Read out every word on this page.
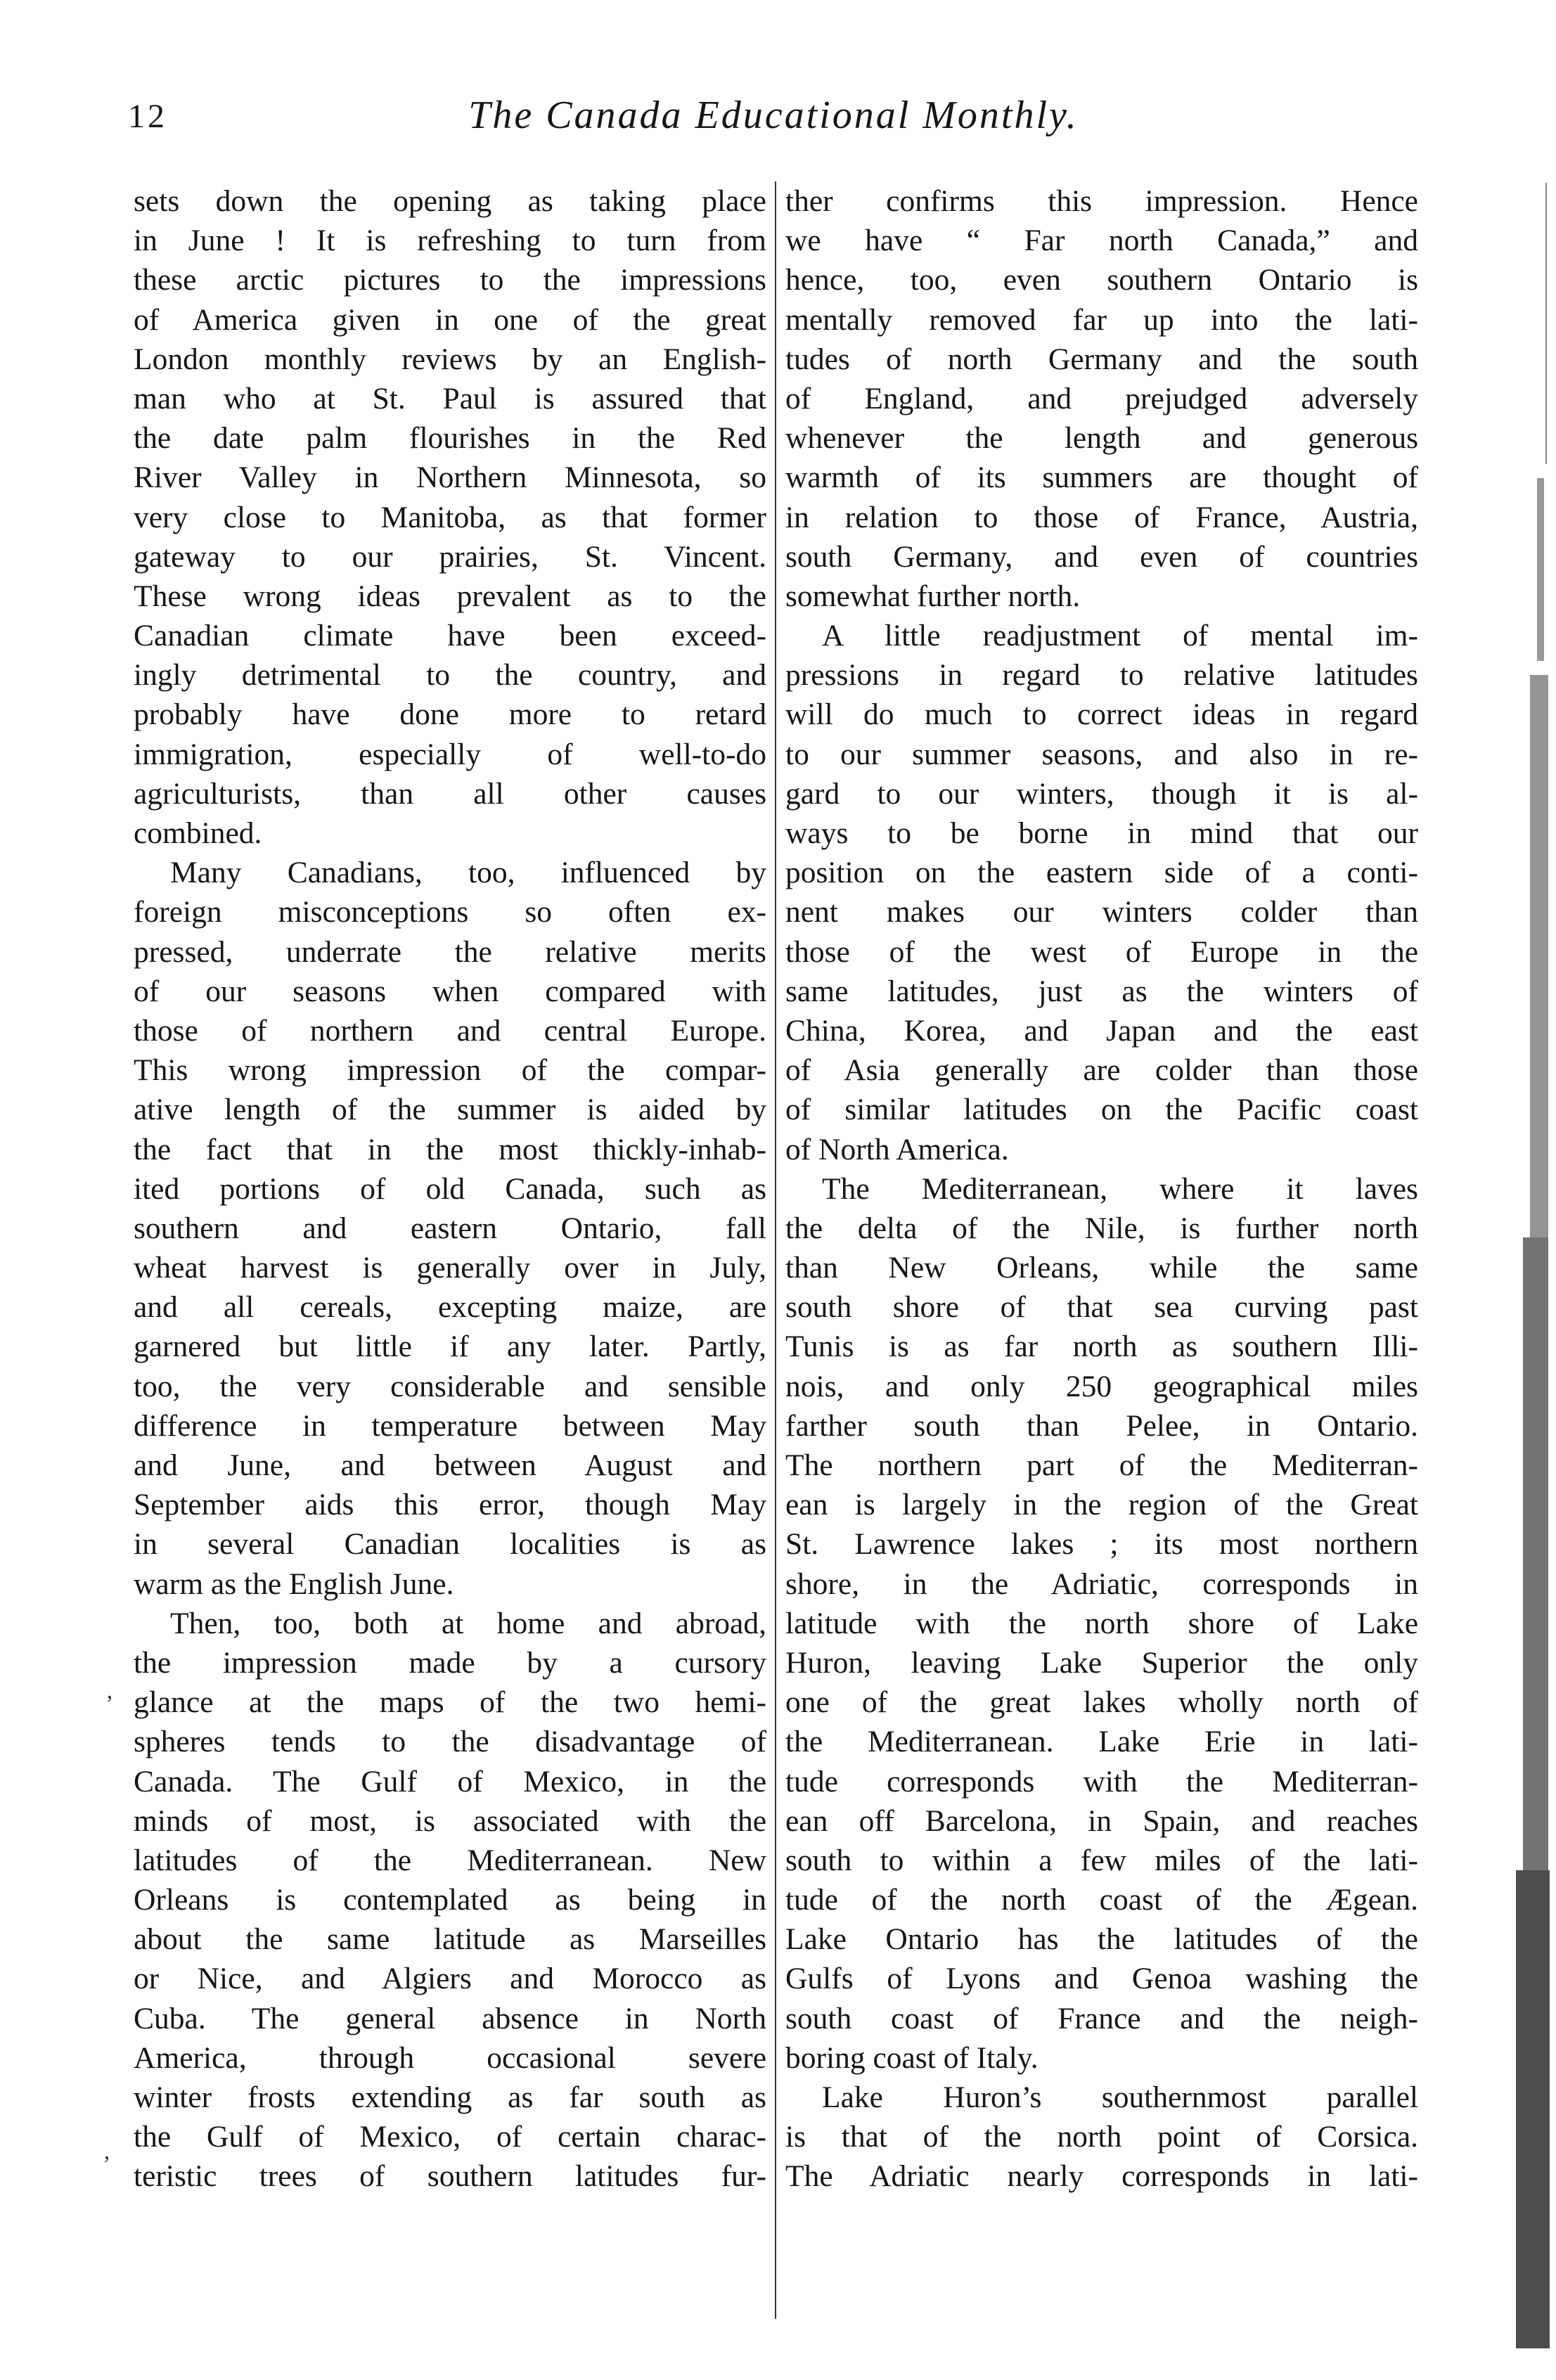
12	The Canada Educational Monthly.
sets down the opening as taking place
in June ! It is refreshing to turn from
these arctic pictures to the impressions
of America given in one of the great
London monthly reviews by an English-
man who at St. Paul is assured that
the date palm flourishes in the Red
River Valley in Northern Minnesota, so
very close to Manitoba, as that former
gateway to our prairies, St. Vincent.
These wrong ideas prevalent as to the
Canadian climate have been exceed-
ingly detrimental to the country, and
probably have done more to retard
immigration, especially of well-to-do
agriculturists, than all other causes
combined.
Many Canadians, too, influenced by
foreign misconceptions so often ex-
pressed, underrate the relative merits
of our seasons when compared with
those of northern and central Europe.
This wrong impression of the compar-
ative length of the summer is aided by
the fact that in the most thickly-inhab-
ited portions of old Canada, such as
southern and eastern Ontario, fall
wheat harvest is generally over in July,
and all cereals, excepting maize, are
garnered but little if any later. Partly,
too, the very considerable and sensible
difference in temperature between May
and June, and between August and
September aids this error, though May
in several Canadian localities is as
warm as the English June.
Then, too, both at home and abroad,
the impression made by a cursory
glance at the maps of the two hemi-
spheres tends to the disadvantage of
Canada. The Gulf of Mexico, in the
minds of most, is associated with the
latitudes of the Mediterranean. New
Orleans is contemplated as being in
about the same latitude as Marseilles
or Nice, and Algiers and Morocco as
Cuba. The general absence in North
America, through occasional severe
winter frosts extending as far south as
the Gulf of Mexico, of certain charac-
teristic trees of southern latitudes fur-
ther confirms this impression. Hence
we have “ Far north Canada,” and
hence, too, even southern Ontario is
mentally removed far up into the lati-
tudes of north Germany and the south
of England, and prejudged adversely
whenever the length and generous
warmth of its summers are thought of
in relation to those of France, Austria,
south Germany, and even of countries
somewhat further north.
A little readjustment of mental im-
pressions in regard to relative latitudes
will do much to correct ideas in regard
to our summer seasons, and also in re-
gard to our winters, though it is al-
ways to be borne in mind that our
position on the eastern side of a conti-
nent makes our winters colder than
those of the west of Europe in the
same latitudes, just as the winters of
China, Korea, and Japan and the east
of Asia generally are colder than those
of similar latitudes on the Pacific coast
of North America.
The Mediterranean, where it laves
the delta of the Nile, is further north
than New Orleans, while the same
south shore of that sea curving past
Tunis is as far north as southern Illi-
nois, and only 250 geographical miles
farther south than Pelee, in Ontario.
The northern part of the Mediterran-
ean is largely in the region of the Great
St. Lawrence lakes ; its most northern
shore, in the Adriatic, corresponds in
latitude with the north shore of Lake
Huron, leaving Lake Superior the only
one of the great lakes wholly north of
the Mediterranean. Lake Erie in lati-
tude corresponds with the Mediterran-
ean off Barcelona, in Spain, and reaches
south to within a few miles of the lati-
tude of the north coast of the Ægean.
Lake Ontario has the latitudes of the
Gulfs of Lyons and Genoa washing the
south coast of France and the neigh-
boring coast of Italy.
Lake Huron’s southernmost parallel
is that of the north point of Corsica.
The Adriatic nearly corresponds in lati-
’
’
